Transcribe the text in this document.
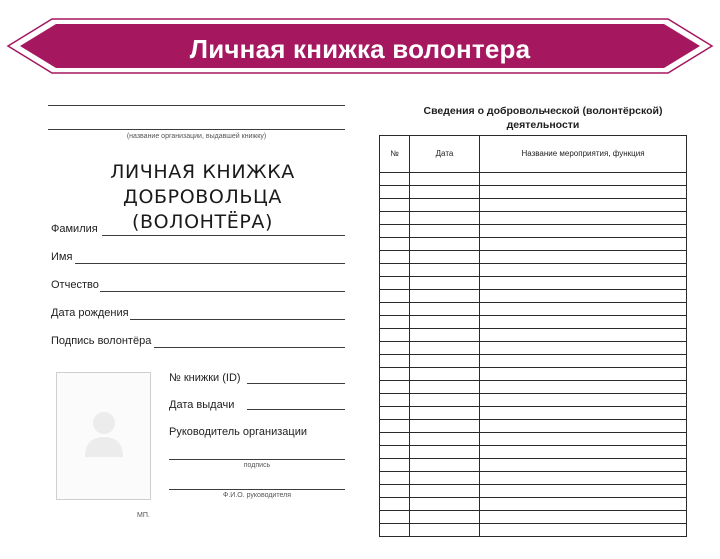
Личная книжка волонтера
(название организации, выдавшей книжку)
ЛИЧНАЯ КНИЖКА
ДОБРОВОЛЬЦА (ВОЛОНТЁРА)
Фамилия
Имя
Отчество
Дата рождения
Подпись волонтёра
№ книжки (ID)
Дата выдачи
Руководитель организации
подпись
Ф.И.О. руководителя
МП.
Сведения о добровольческой (волонтёрской)
деятельности
№	Дата	Название мероприятия, функция
